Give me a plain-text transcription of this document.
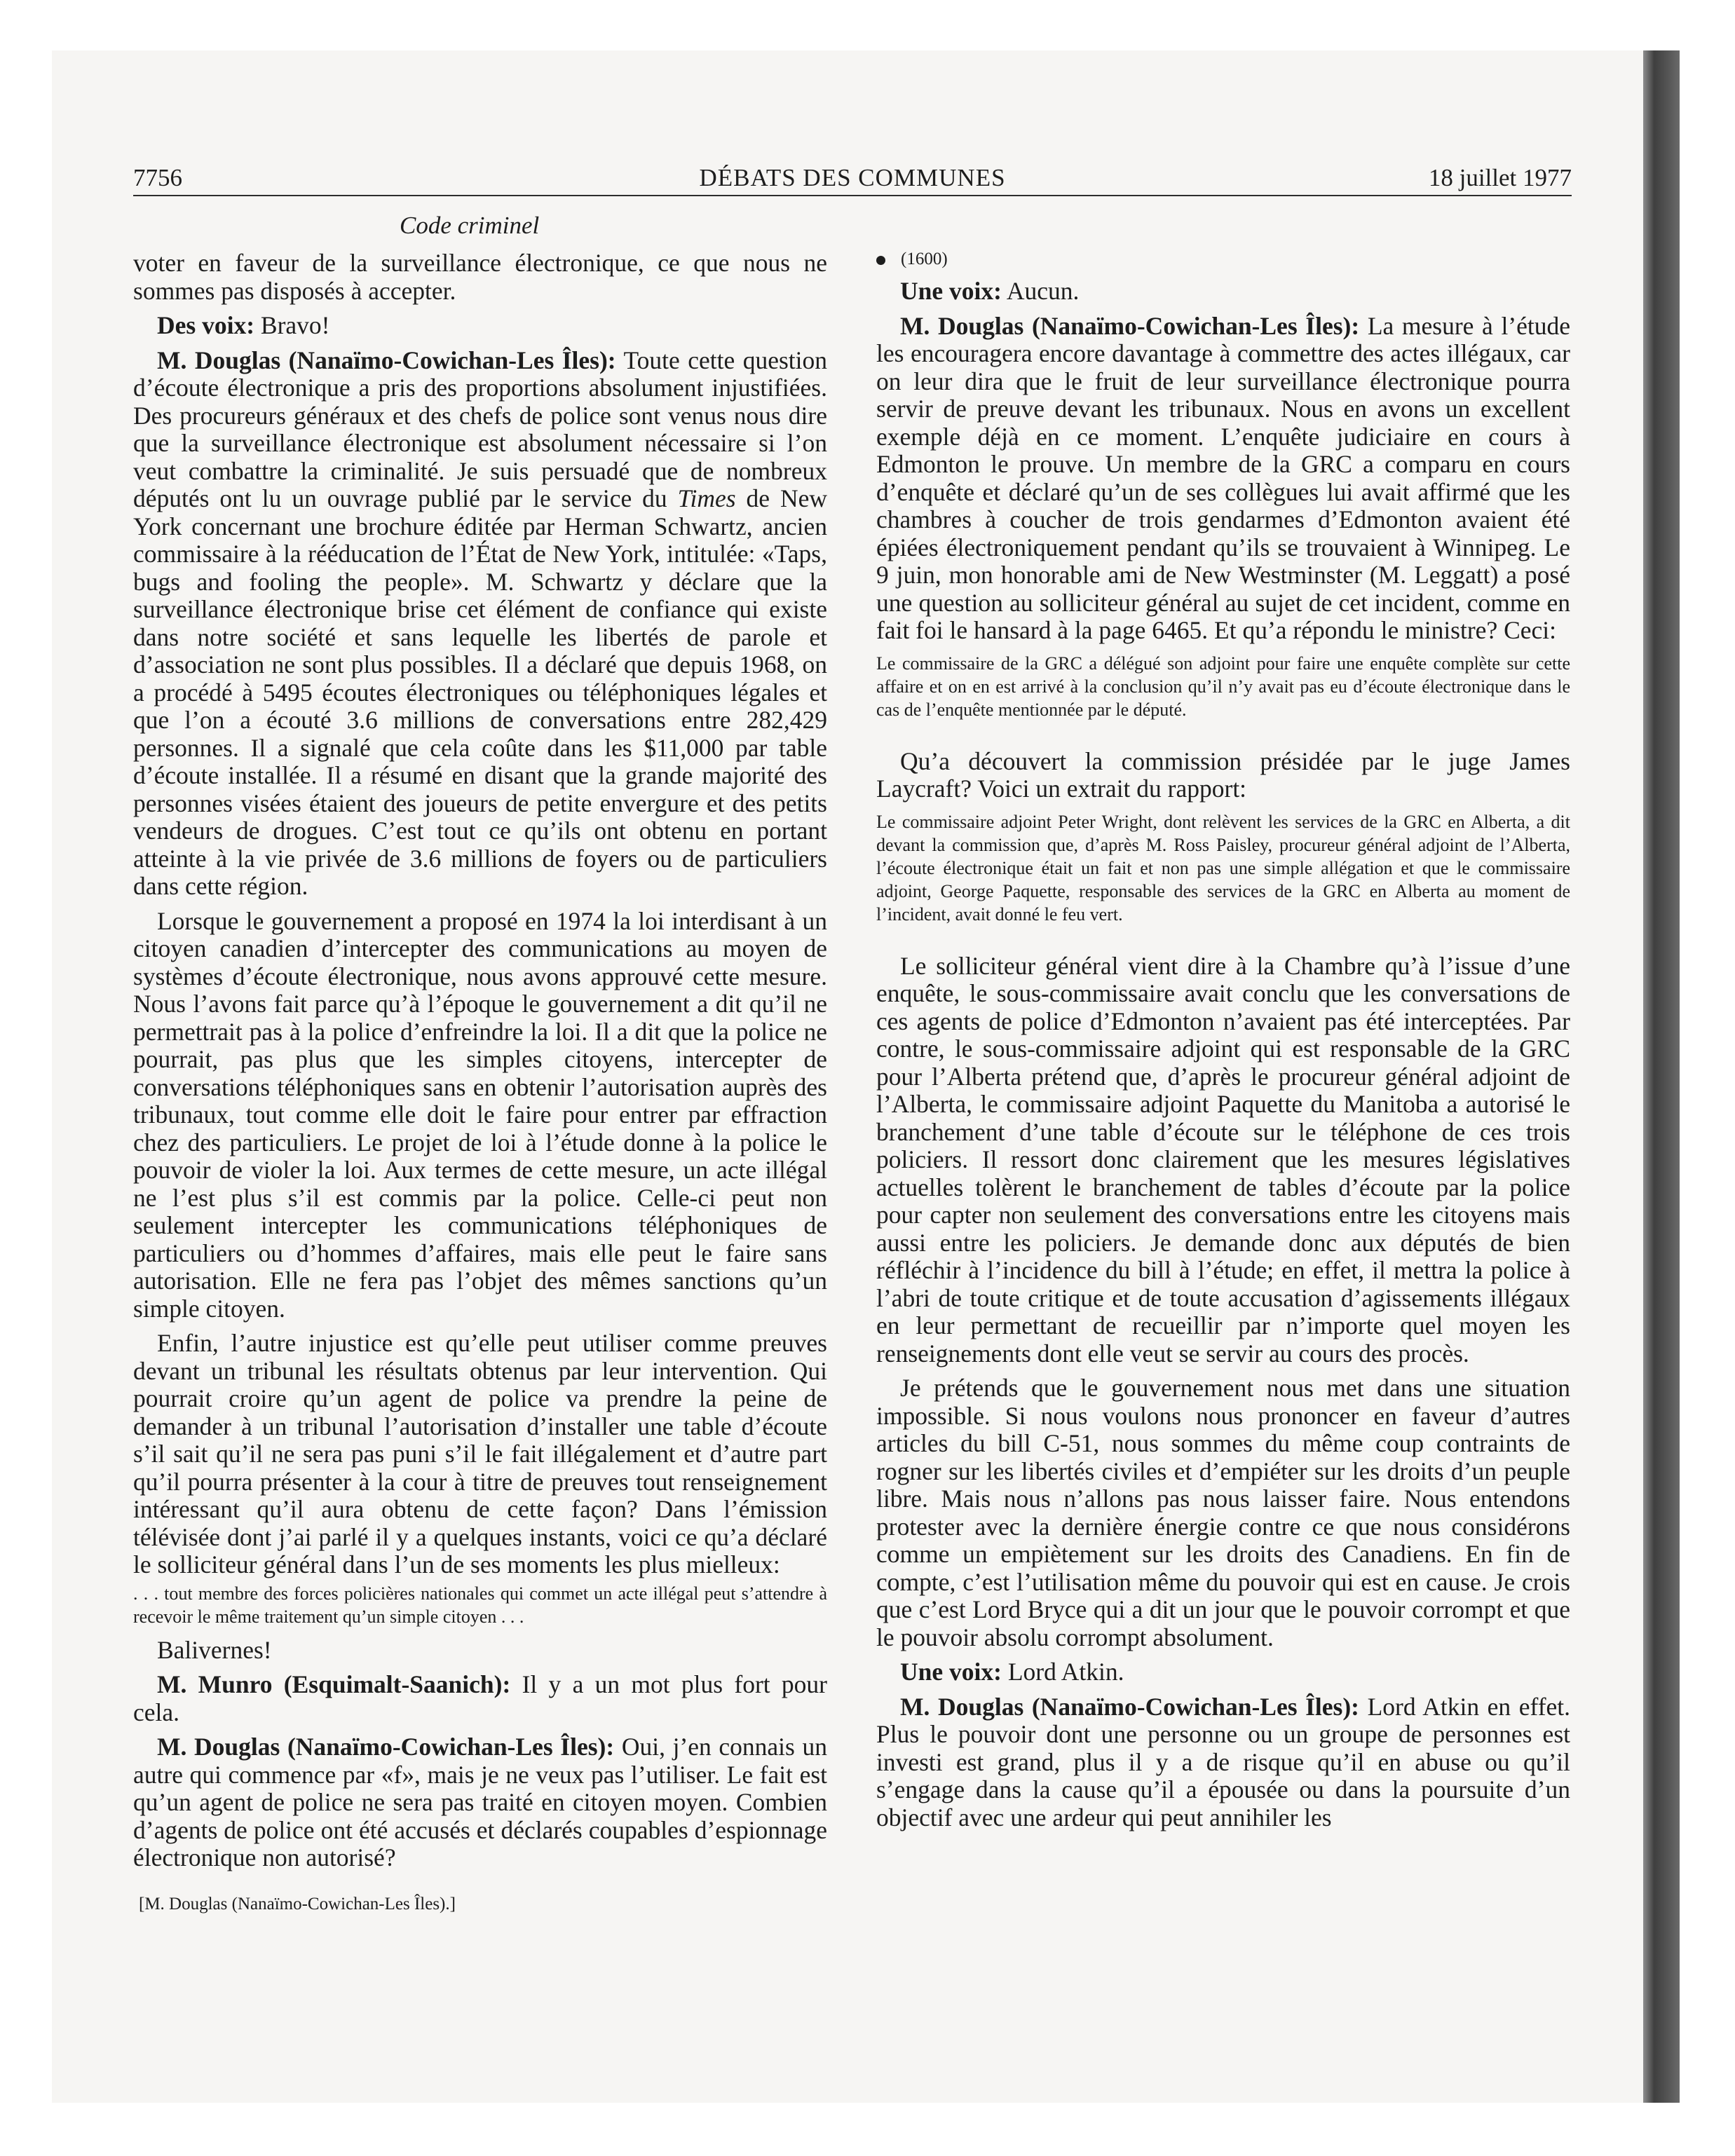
7756	DÉBATS DES COMMUNES	18 juillet 1977
Code criminel

voter en faveur de la surveillance électronique, ce que nous ne sommes pas disposés à accepter.

Des voix: Bravo!

M. Douglas (Nanaïmo-Cowichan-Les Îles): Toute cette question d’écoute électronique a pris des proportions absolument injustifiées. Des procureurs généraux et des chefs de police sont venus nous dire que la surveillance électronique est absolument nécessaire si l’on veut combattre la criminalité. Je suis persuadé que de nombreux députés ont lu un ouvrage publié par le service du Times de New York concernant une brochure éditée par Herman Schwartz, ancien commissaire à la rééducation de l’État de New York, intitulée: «Taps, bugs and fooling the people». M. Schwartz y déclare que la surveillance électronique brise cet élément de confiance qui existe dans notre société et sans lequelle les libertés de parole et d’association ne sont plus possibles. Il a déclaré que depuis 1968, on a procédé à 5495 écoutes électroniques ou téléphoniques légales et que l’on a écouté 3.6 millions de conversations entre 282,429 personnes. Il a signalé que cela coûte dans les $11,000 par table d’écoute installée. Il a résumé en disant que la grande majorité des personnes visées étaient des joueurs de petite envergure et des petits vendeurs de drogues. C’est tout ce qu’ils ont obtenu en portant atteinte à la vie privée de 3.6 millions de foyers ou de particuliers dans cette région.

Lorsque le gouvernement a proposé en 1974 la loi interdisant à un citoyen canadien d’intercepter des communications au moyen de systèmes d’écoute électronique, nous avons approuvé cette mesure. Nous l’avons fait parce qu’à l’époque le gouvernement a dit qu’il ne permettrait pas à la police d’enfreindre la loi. Il a dit que la police ne pourrait, pas plus que les simples citoyens, intercepter de conversations téléphoniques sans en obtenir l’autorisation auprès des tribunaux, tout comme elle doit le faire pour entrer par effraction chez des particuliers. Le projet de loi à l’étude donne à la police le pouvoir de violer la loi. Aux termes de cette mesure, un acte illégal ne l’est plus s’il est commis par la police. Celle-ci peut non seulement intercepter les communications téléphoniques de particuliers ou d’hommes d’affaires, mais elle peut le faire sans autorisation. Elle ne fera pas l’objet des mêmes sanctions qu’un simple citoyen.

Enfin, l’autre injustice est qu’elle peut utiliser comme preuves devant un tribunal les résultats obtenus par leur intervention. Qui pourrait croire qu’un agent de police va prendre la peine de demander à un tribunal l’autorisation d’installer une table d’écoute s’il sait qu’il ne sera pas puni s’il le fait illégalement et d’autre part qu’il pourra présenter à la cour à titre de preuves tout renseignement intéressant qu’il aura obtenu de cette façon? Dans l’émission télévisée dont j’ai parlé il y a quelques instants, voici ce qu’a déclaré le solliciteur général dans l’un de ses moments les plus mielleux:

. . . tout membre des forces policières nationales qui commet un acte illégal peut s’attendre à recevoir le même traitement qu’un simple citoyen . . .

Balivernes!

M. Munro (Esquimalt-Saanich): Il y a un mot plus fort pour cela.

M. Douglas (Nanaïmo-Cowichan-Les Îles): Oui, j’en connais un autre qui commence par «f», mais je ne veux pas l’utiliser. Le fait est qu’un agent de police ne sera pas traité en citoyen moyen. Combien d’agents de police ont été accusés et déclarés coupables d’espionnage électronique non autorisé?

[M. Douglas (Nanaïmo-Cowichan-Les Îles).]
(1600)

Une voix: Aucun.

M. Douglas (Nanaïmo-Cowichan-Les Îles): La mesure à l’étude les encouragera encore davantage à commettre des actes illégaux, car on leur dira que le fruit de leur surveillance électronique pourra servir de preuve devant les tribunaux. Nous en avons un excellent exemple déjà en ce moment. L’enquête judiciaire en cours à Edmonton le prouve. Un membre de la GRC a comparu en cours d’enquête et déclaré qu’un de ses collègues lui avait affirmé que les chambres à coucher de trois gendarmes d’Edmonton avaient été épiées électroniquement pendant qu’ils se trouvaient à Winnipeg. Le 9 juin, mon honorable ami de New Westminster (M. Leggatt) a posé une question au solliciteur général au sujet de cet incident, comme en fait foi le hansard à la page 6465. Et qu’a répondu le ministre? Ceci:

Le commissaire de la GRC a délégué son adjoint pour faire une enquête complète sur cette affaire et on en est arrivé à la conclusion qu’il n’y avait pas eu d’écoute électronique dans le cas de l’enquête mentionnée par le député.

Qu’a découvert la commission présidée par le juge James Laycraft? Voici un extrait du rapport:

Le commissaire adjoint Peter Wright, dont relèvent les services de la GRC en Alberta, a dit devant la commission que, d’après M. Ross Paisley, procureur général adjoint de l’Alberta, l’écoute électronique était un fait et non pas une simple allégation et que le commissaire adjoint, George Paquette, responsable des services de la GRC en Alberta au moment de l’incident, avait donné le feu vert.

Le solliciteur général vient dire à la Chambre qu’à l’issue d’une enquête, le sous-commissaire avait conclu que les conversations de ces agents de police d’Edmonton n’avaient pas été interceptées. Par contre, le sous-commissaire adjoint qui est responsable de la GRC pour l’Alberta prétend que, d’après le procureur général adjoint de l’Alberta, le commissaire adjoint Paquette du Manitoba a autorisé le branchement d’une table d’écoute sur le téléphone de ces trois policiers. Il ressort donc clairement que les mesures législatives actuelles tolèrent le branchement de tables d’écoute par la police pour capter non seulement des conversations entre les citoyens mais aussi entre les policiers. Je demande donc aux députés de bien réfléchir à l’incidence du bill à l’étude; en effet, il mettra la police à l’abri de toute critique et de toute accusation d’agissements illégaux en leur permettant de recueillir par n’importe quel moyen les renseignements dont elle veut se servir au cours des procès.

Je prétends que le gouvernement nous met dans une situation impossible. Si nous voulons nous prononcer en faveur d’autres articles du bill C-51, nous sommes du même coup contraints de rogner sur les libertés civiles et d’empiéter sur les droits d’un peuple libre. Mais nous n’allons pas nous laisser faire. Nous entendons protester avec la dernière énergie contre ce que nous considérons comme un empiètement sur les droits des Canadiens. En fin de compte, c’est l’utilisation même du pouvoir qui est en cause. Je crois que c’est Lord Bryce qui a dit un jour que le pouvoir corrompt et que le pouvoir absolu corrompt absolument.

Une voix: Lord Atkin.

M. Douglas (Nanaïmo-Cowichan-Les Îles): Lord Atkin en effet. Plus le pouvoir dont une personne ou un groupe de personnes est investi est grand, plus il y a de risque qu’il en abuse ou qu’il s’engage dans la cause qu’il a épousée ou dans la poursuite d’un objectif avec une ardeur qui peut annihiler les
